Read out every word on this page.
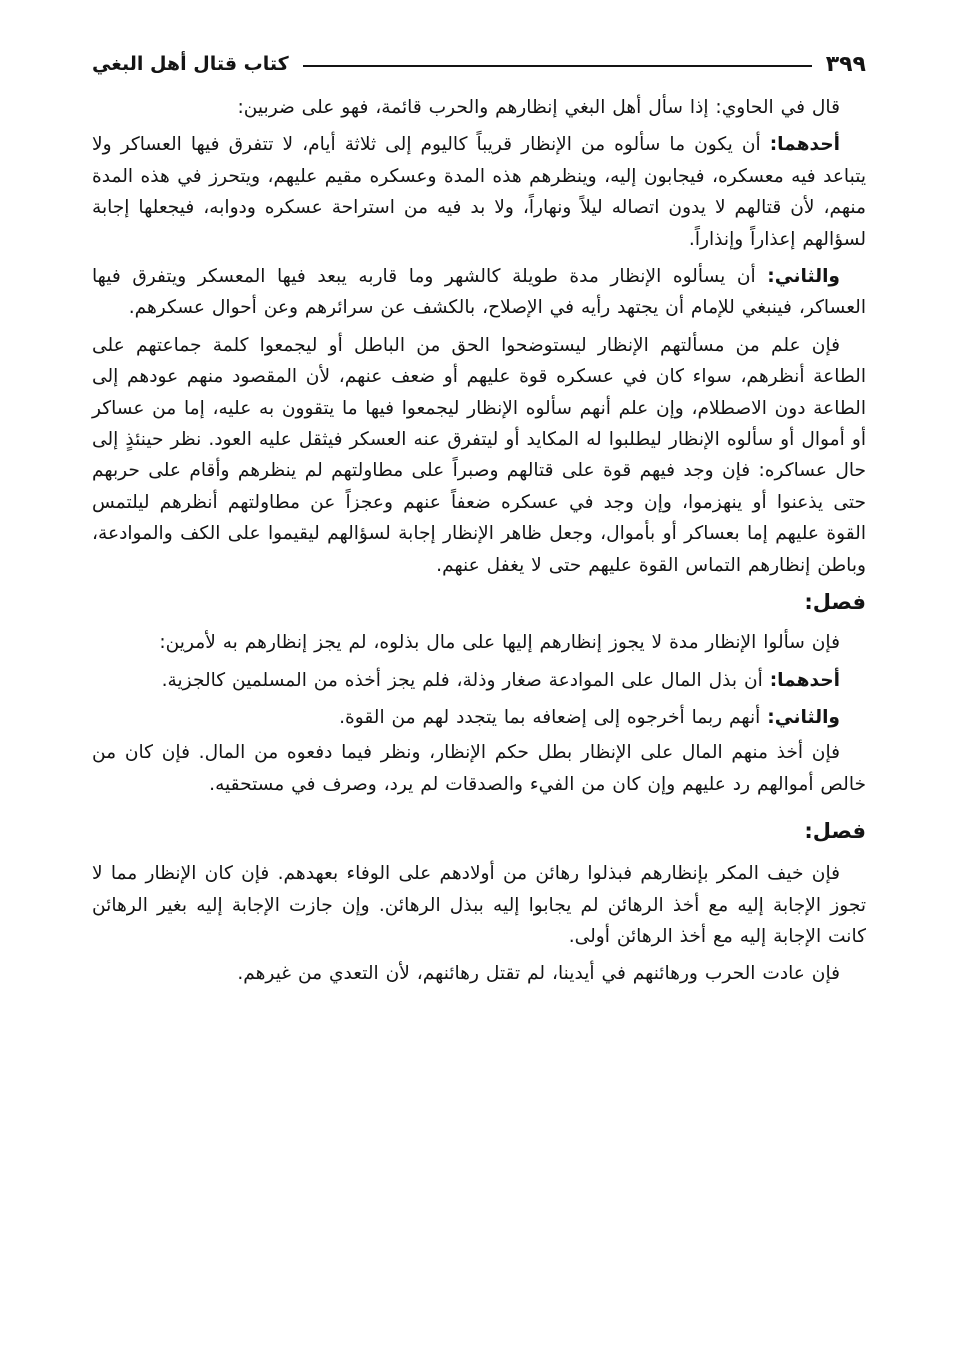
٣٩٩
كتاب قتال أهل البغي

قال في الحاوي: إذا سأل أهل البغي إنظارهم والحرب قائمة، فهو على ضربين:

أحدهما: أن يكون ما سألوه من الإنظار قريباً كاليوم إلى ثلاثة أيام، لا تتفرق فيها العساكر ولا يتباعد فيه معسكره، فيجابون إليه، وينظرهم هذه المدة وعسكره مقيم عليهم، ويتحرز في هذه المدة منهم، لأن قتالهم لا يدون اتصاله ليلاً ونهاراً، ولا بد فيه من استراحة عسكره ودوابه، فيجعلها إجابة لسؤالهم إعذاراً وإنذاراً.

والثاني: أن يسألوه الإنظار مدة طويلة كالشهر وما قاربه يبعد فيها المعسكر ويتفرق فيها العساكر، فينبغي للإمام أن يجتهد رأيه في الإصلاح، بالكشف عن سرائرهم وعن أحوال عسكرهم.

فإن علم من مسألتهم الإنظار ليستوضحوا الحق من الباطل أو ليجمعوا كلمة جماعتهم على الطاعة أنظرهم، سواء كان في عسكره قوة عليهم أو ضعف عنهم، لأن المقصود منهم عودهم إلى الطاعة دون الاصطلام، وإن علم أنهم سألوه الإنظار ليجمعوا فيها ما يتقوون به عليه، إما من عساكر أو أموال أو سألوه الإنظار ليطلبوا له المكايد أو ليتفرق عنه العسكر فيثقل عليه العود. نظر حينئذٍ إلى حال عساكره: فإن وجد فيهم قوة على قتالهم وصبراً على مطاولتهم لم ينظرهم وأقام على حربهم حتى يذعنوا أو ينهزموا، وإن وجد في عسكره ضعفاً عنهم وعجزاً عن مطاولتهم أنظرهم ليلتمس القوة عليهم إما بعساكر أو بأموال، وجعل ظاهر الإنظار إجابة لسؤالهم ليقيموا على الكف والموادعة، وباطن إنظارهم التماس القوة عليهم حتى لا يغفل عنهم.

فصل:

فإن سألوا الإنظار مدة لا يجوز إنظارهم إليها على مال بذلوه، لم يجز إنظارهم به لأمرين:

أحدهما: أن بذل المال على الموادعة صغار وذلة، فلم يجز أخذه من المسلمين كالجزية.

والثاني: أنهم ربما أخرجوه إلى إضعافه بما يتجدد لهم من القوة.

فإن أخذ منهم المال على الإنظار بطل حكم الإنظار، ونظر فيما دفعوه من المال. فإن كان من خالص أموالهم رد عليهم وإن كان من الفيء والصدقات لم يرد، وصرف في مستحقيه.

فصل:

فإن خيف المكر بإنظارهم فبذلوا رهائن من أولادهم على الوفاء بعهدهم. فإن كان الإنظار مما لا تجوز الإجابة إليه مع أخذ الرهائن لم يجابوا إليه ببذل الرهائن. وإن جازت الإجابة إليه بغير الرهائن كانت الإجابة إليه مع أخذ الرهائن أولى.

فإن عادت الحرب ورهائنهم في أيدينا، لم تقتل رهائنهم، لأن التعدي من غيرهم.
